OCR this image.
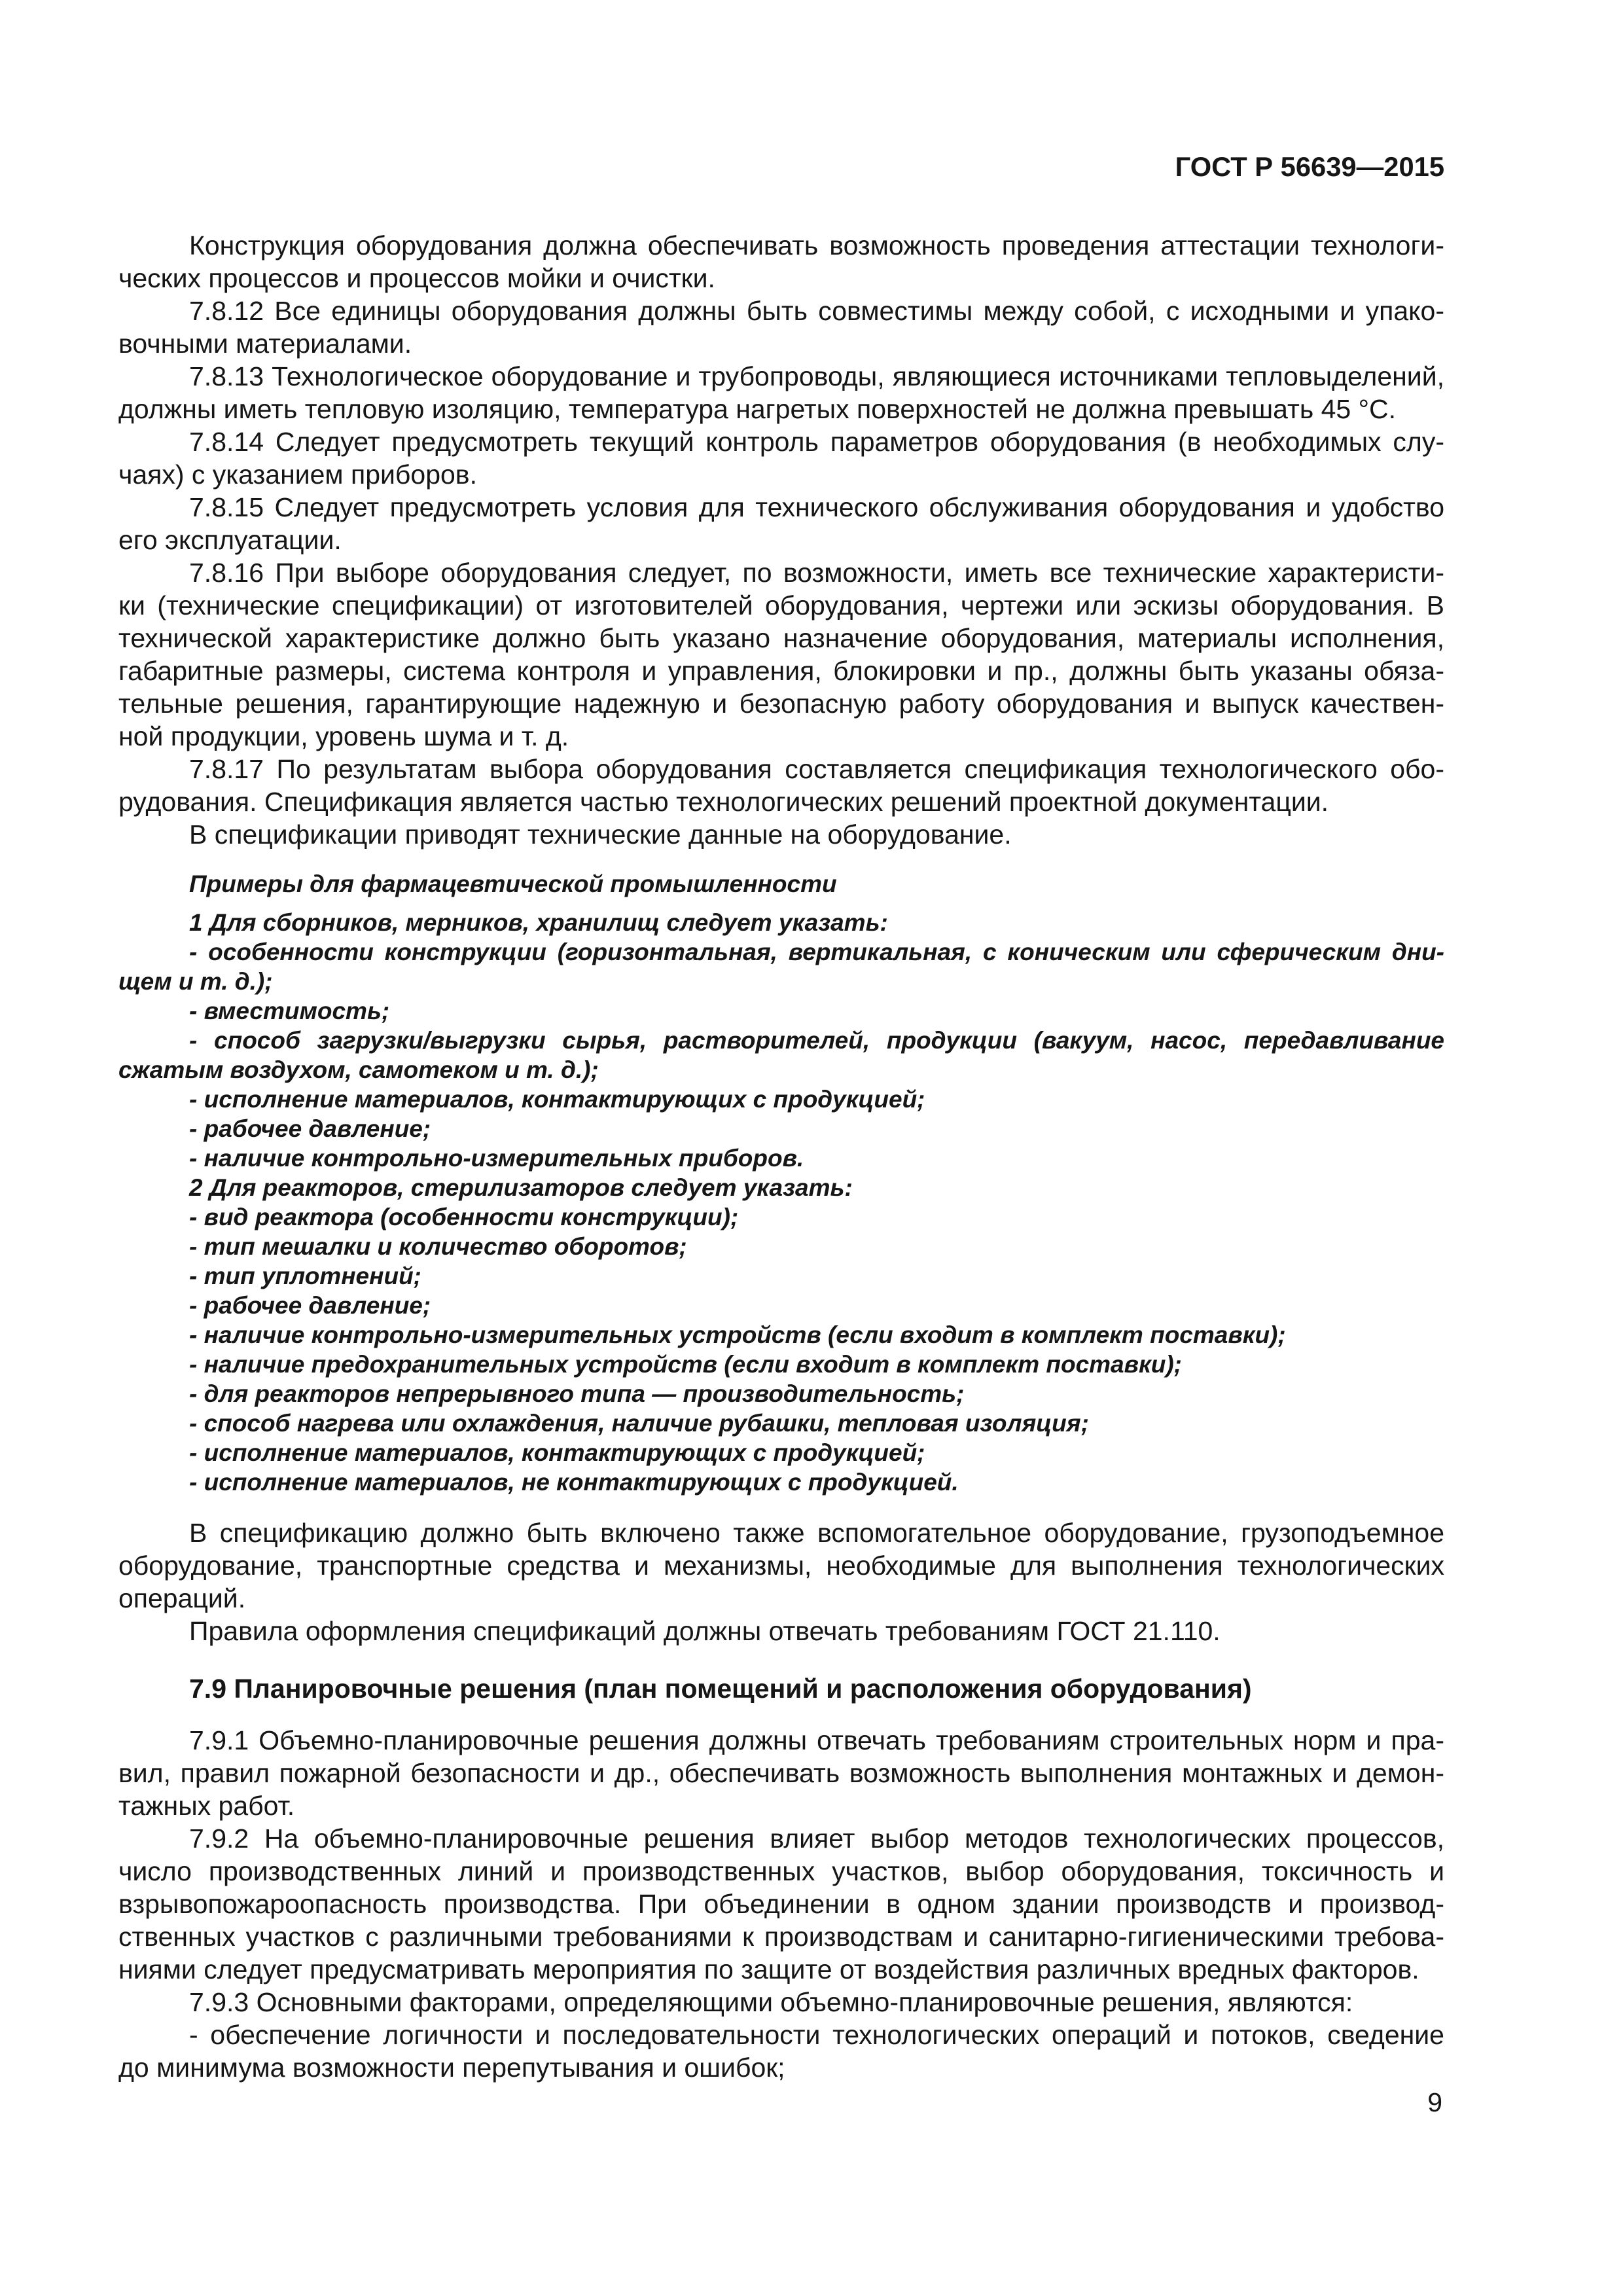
ГОСТ Р 56639—2015
Конструкция оборудования должна обеспечивать возможность проведения аттестации технологи-
ческих процессов и процессов мойки и очистки.
7.8.12 Все единицы оборудования должны быть совместимы между собой, с исходными и упако-
вочными материалами.
7.8.13 Технологическое оборудование и трубопроводы, являющиеся источниками тепловыделений,
должны иметь тепловую изоляцию, температура нагретых поверхностей не должна превышать 45 °С.
7.8.14 Следует предусмотреть текущий контроль параметров оборудования (в необходимых слу-
чаях) с указанием приборов.
7.8.15 Следует предусмотреть условия для технического обслуживания оборудования и удобство
его эксплуатации.
7.8.16 При выборе оборудования следует, по возможности, иметь все технические характеристи-
ки (технические спецификации) от изготовителей оборудования, чертежи или эскизы оборудования. В
технической характеристике должно быть указано назначение оборудования, материалы исполнения,
габаритные размеры, система контроля и управления, блокировки и пр., должны быть указаны обяза-
тельные решения, гарантирующие надежную и безопасную работу оборудования и выпуск качествен-
ной продукции, уровень шума и т. д.
7.8.17 По результатам выбора оборудования составляется спецификация технологического обо-
рудования. Спецификация является частью технологических решений проектной документации.
В спецификации приводят технические данные на оборудование.
Примеры для фармацевтической промышленности
1 Для сборников, мерников, хранилищ следует указать:
- особенности конструкции (горизонтальная, вертикальная, с коническим или сферическим дни-
щем и т. д.);
- вместимость;
- способ загрузки/выгрузки сырья, растворителей, продукции (вакуум, насос, передавливание
сжатым воздухом, самотеком и т. д.);
- исполнение материалов, контактирующих с продукцией;
- рабочее давление;
- наличие контрольно-измерительных приборов.
2 Для реакторов, стерилизаторов следует указать:
- вид реактора (особенности конструкции);
- тип мешалки и количество оборотов;
- тип уплотнений;
- рабочее давление;
- наличие контрольно-измерительных устройств (если входит в комплект поставки);
- наличие предохранительных устройств (если входит в комплект поставки);
- для реакторов непрерывного типа — производительность;
- способ нагрева или охлаждения, наличие рубашки, тепловая изоляция;
- исполнение материалов, контактирующих с продукцией;
- исполнение материалов, не контактирующих с продукцией.
В спецификацию должно быть включено также вспомогательное оборудование, грузоподъемное
оборудование, транспортные средства и механизмы, необходимые для выполнения технологических
операций.
Правила оформления спецификаций должны отвечать требованиям ГОСТ 21.110.
7.9 Планировочные решения (план помещений и расположения оборудования)
7.9.1 Объемно-планировочные решения должны отвечать требованиям строительных норм и пра-
вил, правил пожарной безопасности и др., обеспечивать возможность выполнения монтажных и демон-
тажных работ.
7.9.2 На объемно-планировочные решения влияет выбор методов технологических процессов,
число производственных линий и производственных участков, выбор оборудования, токсичность и
взрывопожароопасность производства. При объединении в одном здании производств и производ-
ственных участков с различными требованиями к производствам и санитарно-гигиеническими требова-
ниями следует предусматривать мероприятия по защите от воздействия различных вредных факторов.
7.9.3 Основными факторами, определяющими объемно-планировочные решения, являются:
- обеспечение логичности и последовательности технологических операций и потоков, сведение
до минимума возможности перепутывания и ошибок;
9
